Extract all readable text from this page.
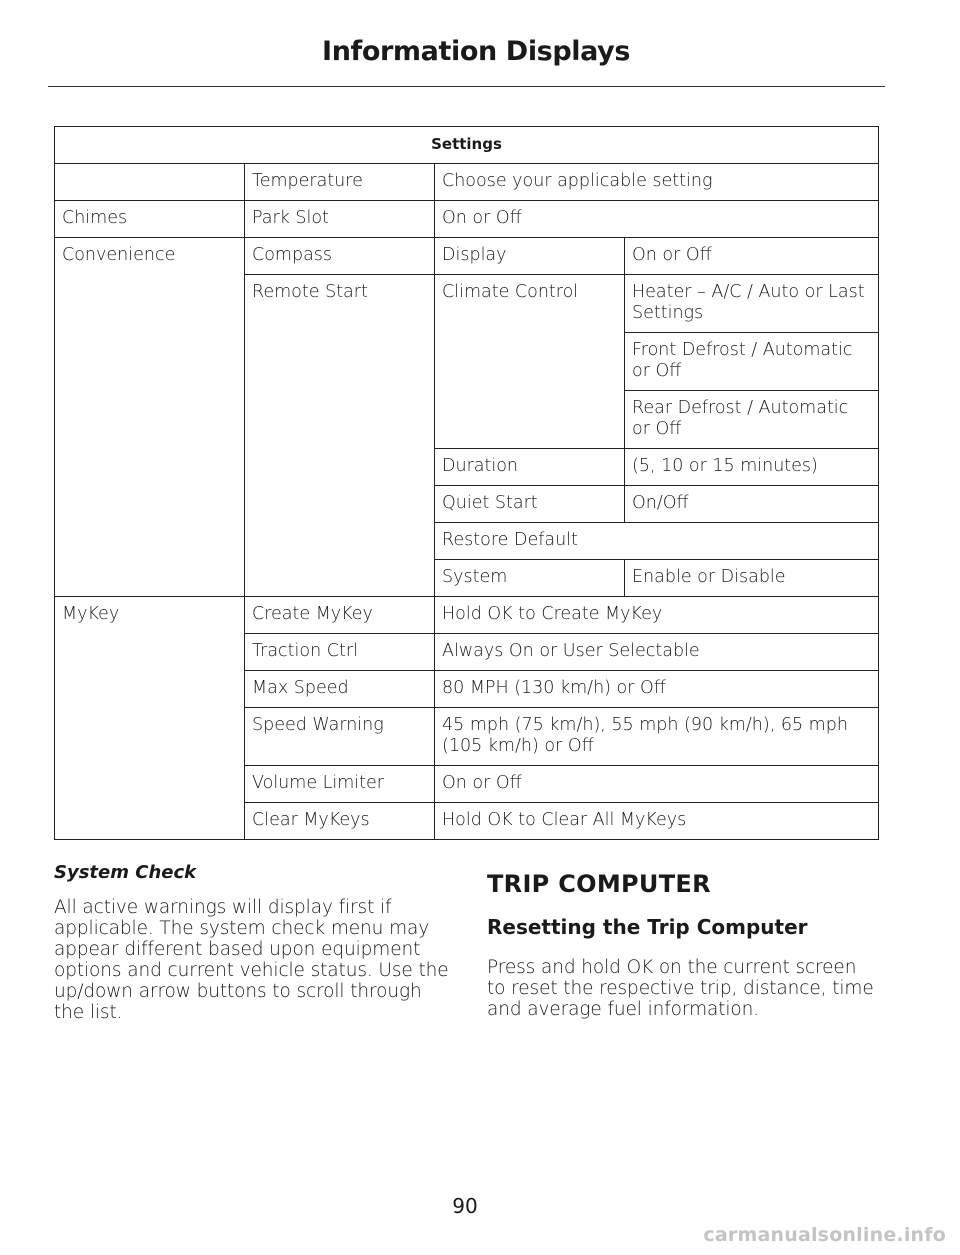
Information Displays
Settings			
	Temperature	Choose your applicable setting	
Chimes	Park Slot	On or Off	
Convenience	Compass	Display	On or Off
	Remote Start	Climate Control	Heater – A/C / Auto or Last Settings
			Front Defrost / Automatic or Off
			Rear Defrost / Automatic or Off
		Duration	(5, 10 or 15 minutes)
		Quiet Start	On/Off
		Restore Default	
		System	Enable or Disable
MyKey	Create MyKey	Hold OK to Create MyKey	
	Traction Ctrl	Always On or User Selectable	
	Max Speed	80 MPH (130 km/h) or Off	
	Speed Warning	45 mph (75 km/h), 55 mph (90 km/h), 65 mph (105 km/h) or Off	
	Volume Limiter	On or Off	
	Clear MyKeys	Hold OK to Clear All MyKeys	
System Check

All active warnings will display first if applicable. The system check menu may appear different based upon equipment options and current vehicle status. Use the up/down arrow buttons to scroll through the list.

TRIP COMPUTER
Resetting the Trip Computer

Press and hold OK on the current screen to reset the respective trip, distance, time and average fuel information.

90
carmanualsonline.info
